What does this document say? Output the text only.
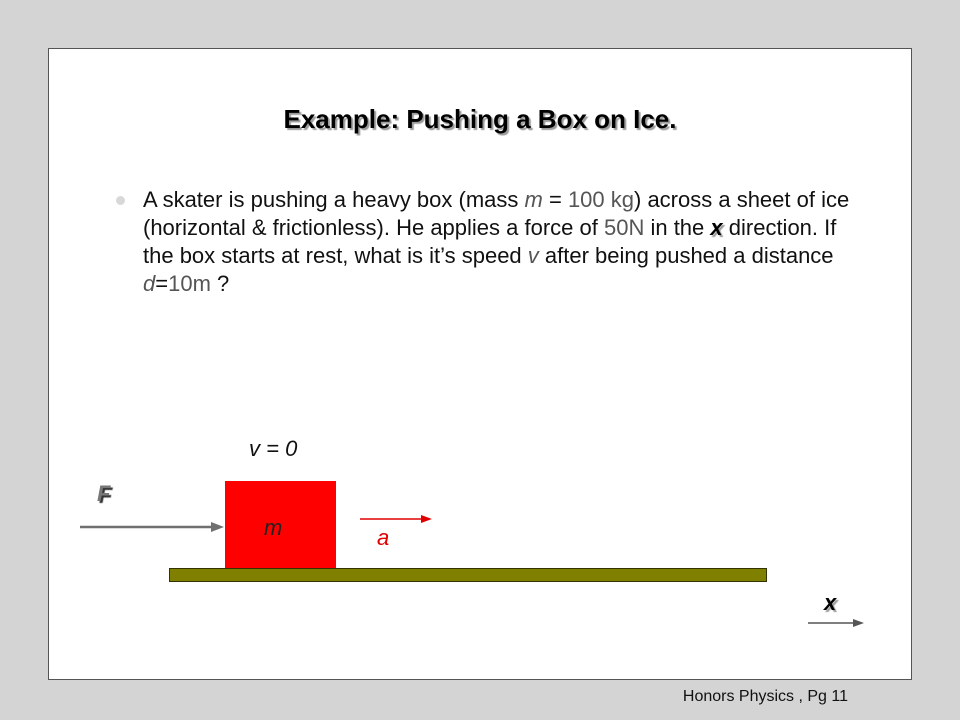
Example: Pushing a Box on Ice.
A skater is pushing a heavy box (mass m = 100 kg) across a sheet of ice (horizontal & frictionless). He applies a force of 50N in the x direction. If the box starts at rest, what is it’s speed v after being pushed a distance d=10m ?
v = 0
F
m	a
x
Honors Physics , Pg 11
